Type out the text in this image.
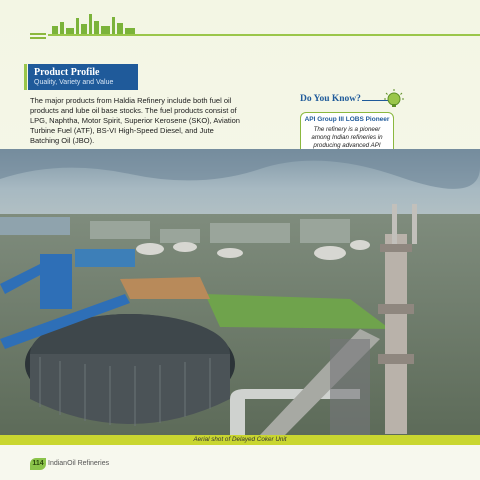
Product Profile
Quality, Variety and Value

The major products from Haldia Refinery include both fuel oil products and lube oil base stocks. The fuel products consist of LPG, Naphtha, Motor Spirit, Superior Kerosene (SKO), Aviation Turbine Fuel (ATF), BS-VI High-Speed Diesel, and Jute Batching Oil (JBO).

Do You Know?
API Group III LOBS Pioneer
The refinery is a pioneer among Indian refineries in producing advanced API
Aerial shot of Delayed Coker Unit
114 IndianOil Refineries
